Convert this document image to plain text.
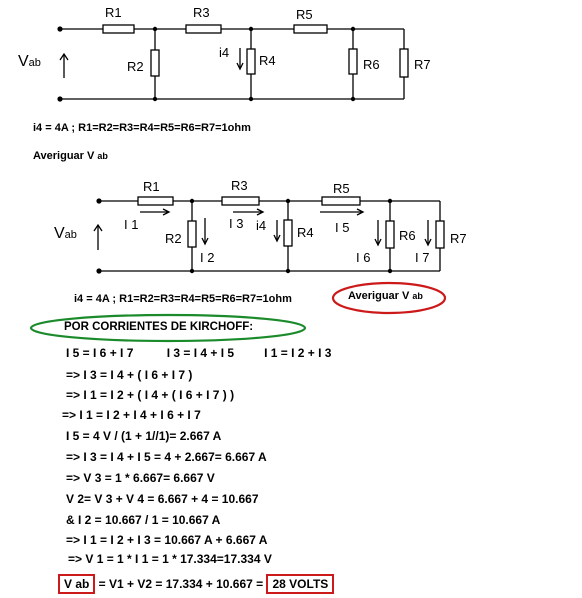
R1	R3	R5
R2	R4	R6	R7
i4
Vab
i4 = 4A ; R1=R2=R3=R4=R5=R6=R7=1ohm
Averiguar V ab
R1	R3	R5
R2	R4	R6	R7
I 1	I 3	I 5
i4
I 2	I 6	I 7
Vab
i4 = 4A ; R1=R2=R3=R4=R5=R6=R7=1ohm	Averiguar V ab
POR CORRIENTES DE KIRCHOFF:
I 5 = I 6 + I 7          I 3 = I 4 + I 5         I 1 = I 2 + I 3
=> I 3 = I 4 + ( I 6 + I 7 )
=> I 1 = I 2 + ( I 4 + ( I 6 + I 7 ) )
=> I 1 = I 2 + I 4 + I 6 + I 7
I 5 = 4 V / (1 + 1//1)= 2.667 A
=> I 3 = I 4 + I 5 = 4 + 2.667= 6.667 A
=> V 3 = 1 * 6.667= 6.667 V
V 2= V 3 + V 4 = 6.667 + 4 = 10.667
& I 2 = 10.667 / 1 = 10.667 A
=> I 1 = I 2 + I 3 = 10.667 A + 6.667 A
=> V 1 = 1 * I 1 = 1 * 17.334=17.334 V
V ab = V1 + V2 = 17.334 + 10.667 = 28 VOLTS
